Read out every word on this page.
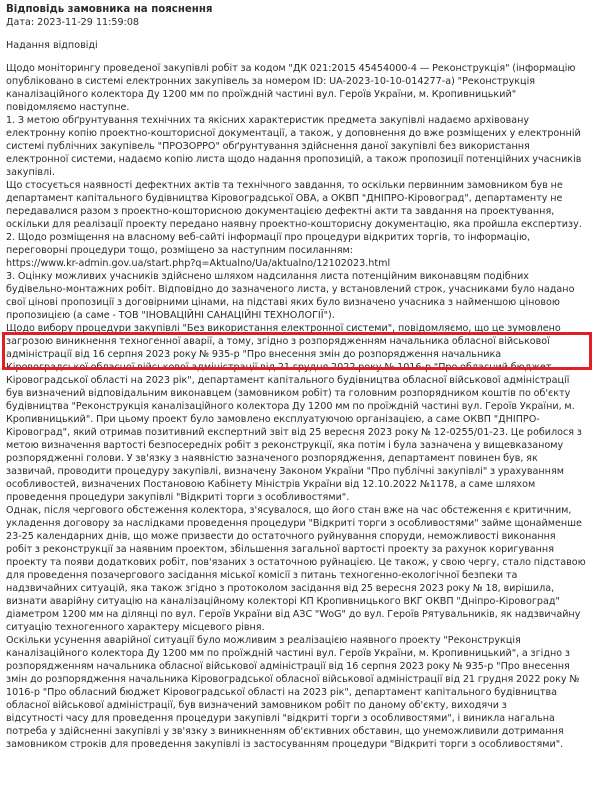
Відповідь замовника на пояснення
Дата: 2023-11-29 11:59:08
Надання відповіді
Щодо моніторингу проведеної закупівлі робіт за кодом "ДК 021:2015 45454000-4 — Реконструкція" (інформацію
опубліковано в системі електронних закупівель за номером ID: UA-2023-10-10-014277-a) "Реконструкція
каналізаційного колектора Ду 1200 мм по проїждній частині вул. Героїв України, м. Кропивницький"
повідомляємо наступне.
1. З метою обґрунтування технічних та якісних характеристик предмета закупівлі надаємо архівовану
електронну копію проектно-кошторисної документації, а також, у доповнення до вже розміщених у електронній
системі публічних закупівель "ПРОЗОРРО" обґрунтування здійснення даної закупівлі без використання
електронної системи, надаємо копію листа щодо надання пропозицій, а також пропозиції потенційних учасників
закупівлі.
Що стосується наявності дефектних актів та технічного завдання, то оскільки первинним замовником був не
департамент капітального будівництва Кіровоградської ОВА, а ОКВП "ДНІПРО-Кіровоград", департаменту не
передавалися разом з проектно-кошторисною документацією дефектні акти та завдання на проектування,
оскільки для реалізації проекту передано наявну проектно-кошторисну документацію, яка пройшла експертизу.
2. Щодо розміщення на власному веб-сайті інформації про процедури відкритих торгів, то інформацію,
переговорні процедури тощо, розміщено за наступним посиланням:
https://www.kr-admin.gov.ua/start.php?q=Aktualno/Ua/aktualno/12102023.html
3. Оцінку можливих учасників здійснено шляхом надсилання листа потенційним виконавцям подібних
будівельно-монтажних робіт. Відповідно до зазначеного листа, у встановлений строк, учасниками було надано
свої цінові пропозиції з договірними цінами, на підставі яких було визначено учасника з найменшою ціновою
пропозицією (а саме - ТОВ "ІНОВАЦІЙНІ САНАЦІЙНІ ТЕХНОЛОГІЇ").
Щодо вибору процедури закупівлі "Без використання електронної системи", повідомляємо, що це зумовлено
загрозою виникнення техногенної аварії, а тому, згідно з розпорядженням начальника обласної військової
адміністрації від 16 серпня 2023 року № 935-р "Про внесення змін до розпорядження начальника
Кіровоградської обласної військової адміністрації від 21 грудня 2022 року № 1016-р "Про обласний бюджет
Кіровоградської області на 2023 рік", департамент капітального будівництва обласної військової адміністрації
був визначений відповідальним виконавцем (замовником робіт) та головним розпорядником коштів по об'єкту
будівництва "Реконструкція каналізаційного колектора Ду 1200 мм по проїждній частині вул. Героїв України, м.
Кропивницький". При цьому проект було замовлено експлуатуючою організацією, а саме ОКВП "ДНІПРО-
Кіровоград", який отримав позитивний експертний звіт від 25 вересня 2023 року № 12-0255/01-23. Це робилося з
метою визначення вартості безпосередніх робіт з реконструкції, яка потім і була зазначена у вищевказаному
розпорядженні голови. У зв'язку з наявністю зазначеного розпорядження, департамент повинен був, як
зазвичай, проводити процедуру закупівлі, визначену Законом України "Про публічні закупівлі" з урахуванням
особливостей, визначених Постановою Кабінету Міністрів України від 12.10.2022 №1178, а саме шляхом
проведення процедури закупівлі "Відкриті торги з особливостями".
Однак, після чергового обстеження колектора, з'ясувалося, що його стан вже на час обстеження є критичним,
укладення договору за наслідками проведення процедури "Відкриті торги з особливостями" займе щонайменше
23-25 календарних днів, що може призвести до остаточного руйнування споруди, неможливості виконання
робіт з реконструкції за наявним проектом, збільшення загальної вартості проекту за рахунок коригування
проекту та появи додаткових робіт, пов'язаних з остаточною руйнацією. Це також, у свою чергу, стало підставою
для проведення позачергового засідання міської комісії з питань техногенно-екологічної безпеки та
надзвичайних ситуацій, яка також згідно з протоколом засідання від 25 вересня 2023 року № 18, вирішила,
визнати аварійну ситуацію на каналізаційному колекторі КП Кропивницького ВКГ ОКВП "Дніпро-Кіровоград"
діаметром 1200 мм на ділянці по вул. Героїв України від АЗС "WoG" до вул. Героїв Рятувальників, як надзвичайну
ситуацію техногенного характеру місцевого рівня.
Оскільки усунення аварійної ситуації було можливим з реалізацією наявного проекту "Реконструкція
каналізаційного колектора Ду 1200 мм по проїждній частині вул. Героїв України, м. Кропивницький", а згідно з
розпорядженням начальника обласної військової адміністрації від 16 серпня 2023 року № 935-р "Про внесення
змін до розпорядження начальника Кіровоградської обласної військової адміністрації від 21 грудня 2022 року №
1016-р "Про обласний бюджет Кіровоградської області на 2023 рік", департамент капітального будівництва
обласної військової адміністрації, був визначений замовником робіт по даному об'єкту, виходячи з
відсутності часу для проведення процедури закупівлі "відкриті торги з особливостями", і виникла нагальна
потреба у здійсненні закупівлі у зв'язку з виникненням об'єктивних обставин, що унеможливили дотримання
замовником строків для проведення закупівлі із застосуванням процедури "Відкриті торги з особливостями".
